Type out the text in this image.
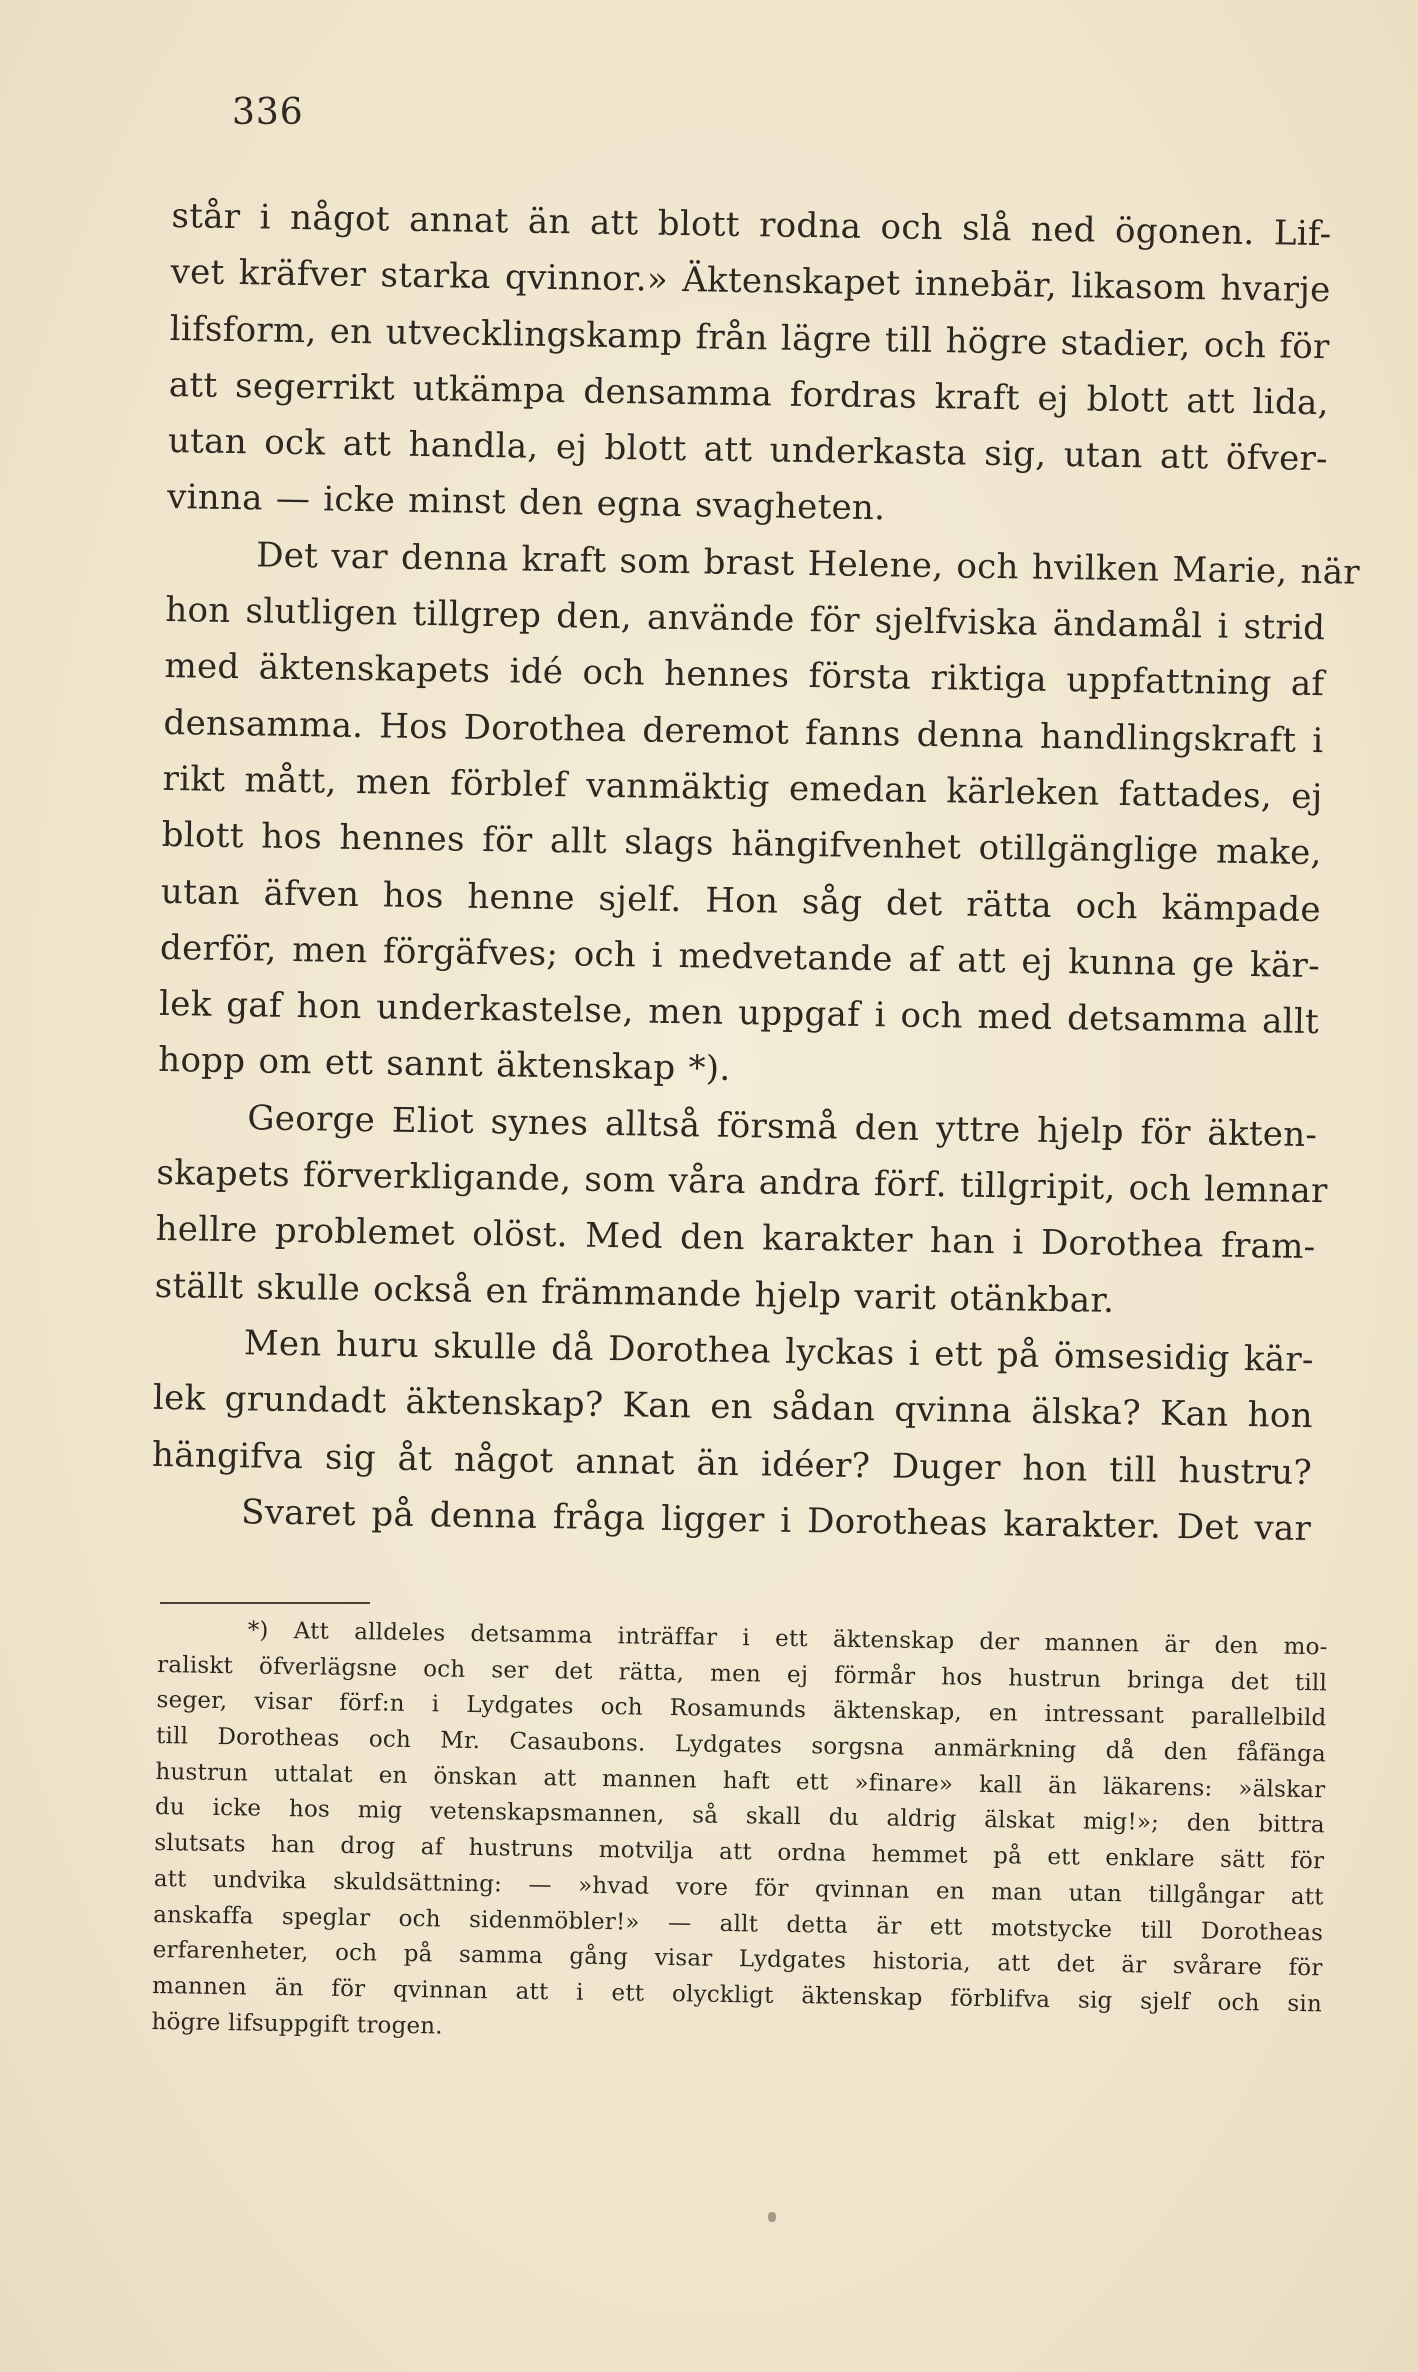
336
står i något annat än att blott rodna och slå ned ögonen. Lif-
vet kräfver starka qvinnor.» Äktenskapet innebär, likasom hvarje
lifsform, en utvecklingskamp från lägre till högre stadier, och för
att segerrikt utkämpa densamma fordras kraft ej blott att lida,
utan ock att handla, ej blott att underkasta sig, utan att öfver-
vinna — icke minst den egna svagheten.
Det var denna kraft som brast Helene, och hvilken Marie, när
hon slutligen tillgrep den, använde för sjelfviska ändamål i strid
med äktenskapets idé och hennes första riktiga uppfattning af
densamma. Hos Dorothea deremot fanns denna handlingskraft i
rikt mått, men förblef vanmäktig emedan kärleken fattades, ej
blott hos hennes för allt slags hängifvenhet otillgänglige make,
utan äfven hos henne sjelf. Hon såg det rätta och kämpade
derför, men förgäfves; och i medvetande af att ej kunna ge kär-
lek gaf hon underkastelse, men uppgaf i och med detsamma allt
hopp om ett sannt äktenskap *).
George Eliot synes alltså försmå den yttre hjelp för äkten-
skapets förverkligande, som våra andra förf. tillgripit, och lemnar
hellre problemet olöst. Med den karakter han i Dorothea fram-
ställt skulle också en främmande hjelp varit otänkbar.
Men huru skulle då Dorothea lyckas i ett på ömsesidig kär-
lek grundadt äktenskap? Kan en sådan qvinna älska? Kan hon
hängifva sig åt något annat än idéer? Duger hon till hustru?
Svaret på denna fråga ligger i Dorotheas karakter. Det var
*) Att alldeles detsamma inträffar i ett äktenskap der mannen är den mo-
raliskt öfverlägsne och ser det rätta, men ej förmår hos hustrun bringa det till
seger, visar förf:n i Lydgates och Rosamunds äktenskap, en intressant parallelbild
till Dorotheas och Mr. Casaubons. Lydgates sorgsna anmärkning då den fåfänga
hustrun uttalat en önskan att mannen haft ett »finare» kall än läkarens: »älskar
du icke hos mig vetenskapsmannen, så skall du aldrig älskat mig!»; den bittra
slutsats han drog af hustruns motvilja att ordna hemmet på ett enklare sätt för
att undvika skuldsättning: — »hvad vore för qvinnan en man utan tillgångar att
anskaffa speglar och sidenmöbler!» — allt detta är ett motstycke till Dorotheas
erfarenheter, och på samma gång visar Lydgates historia, att det är svårare för
mannen än för qvinnan att i ett olyckligt äktenskap förblifva sig sjelf och sin
högre lifsuppgift trogen.
